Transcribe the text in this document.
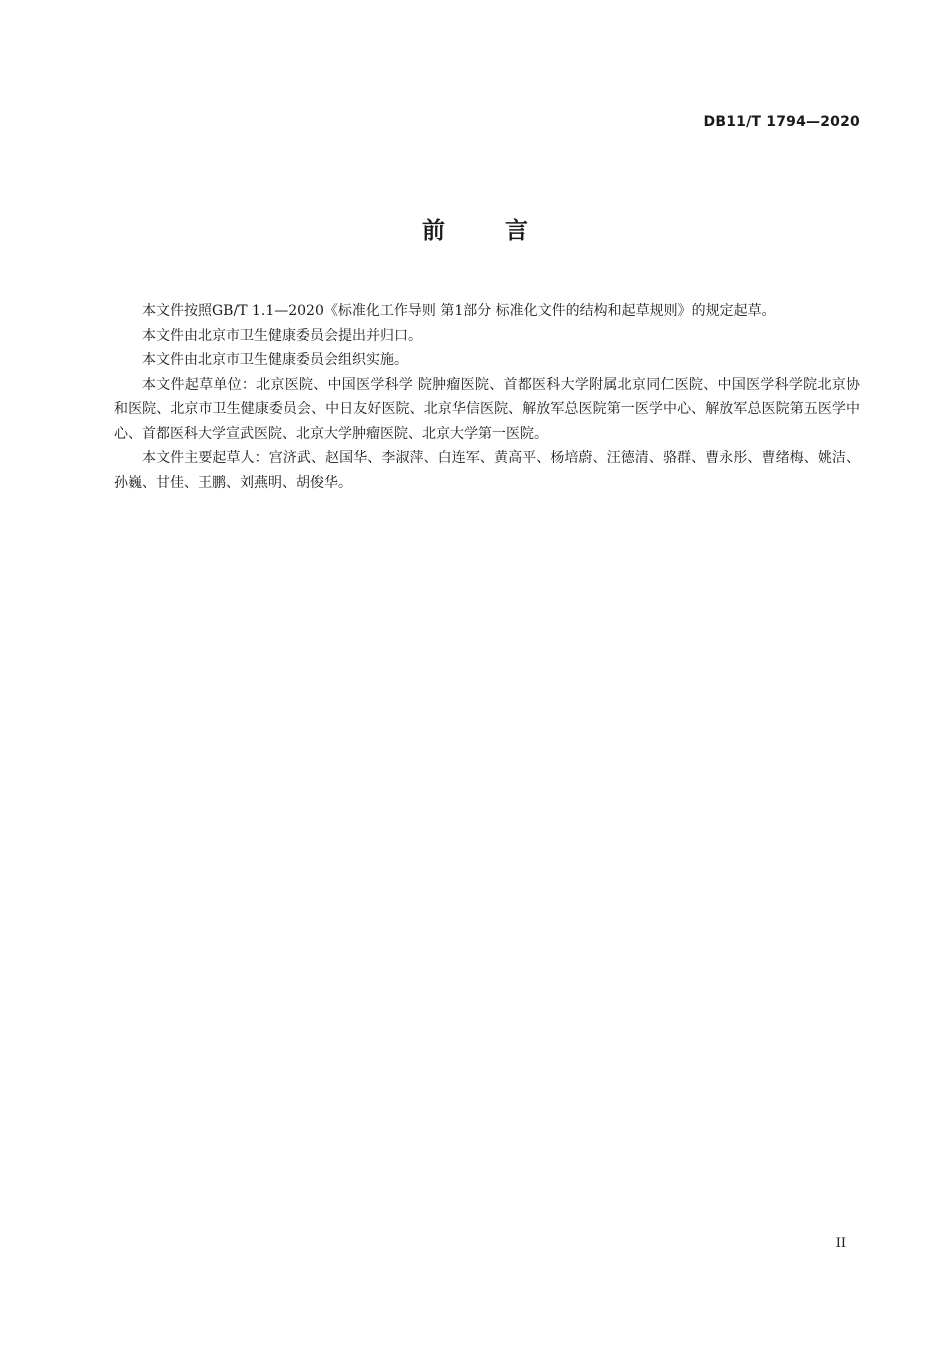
DB11/T 1794—2020
前 言

本文件按照GB/T 1.1—2020《标准化工作导则 第1部分 标准化文件的结构和起草规则》的规定起草。

本文件由北京市卫生健康委员会提出并归口。

本文件由北京市卫生健康委员会组织实施。

本文件起草单位：北京医院、中国医学科学 院肿瘤医院、首都医科大学附属北京同仁医院、中国医学科学院北京协和医院、北京市卫生健康委员会、中日友好医院、北京华信医院、解放军总医院第一医学中心、解放军总医院第五医学中心、首都医科大学宣武医院、北京大学肿瘤医院、北京大学第一医院。

本文件主要起草人：宫济武、赵国华、李淑萍、白连军、黄高平、杨培蔚、汪德清、骆群、曹永彤、曹绪梅、姚洁、孙巍、甘佳、王鹏、刘燕明、胡俊华。

II
